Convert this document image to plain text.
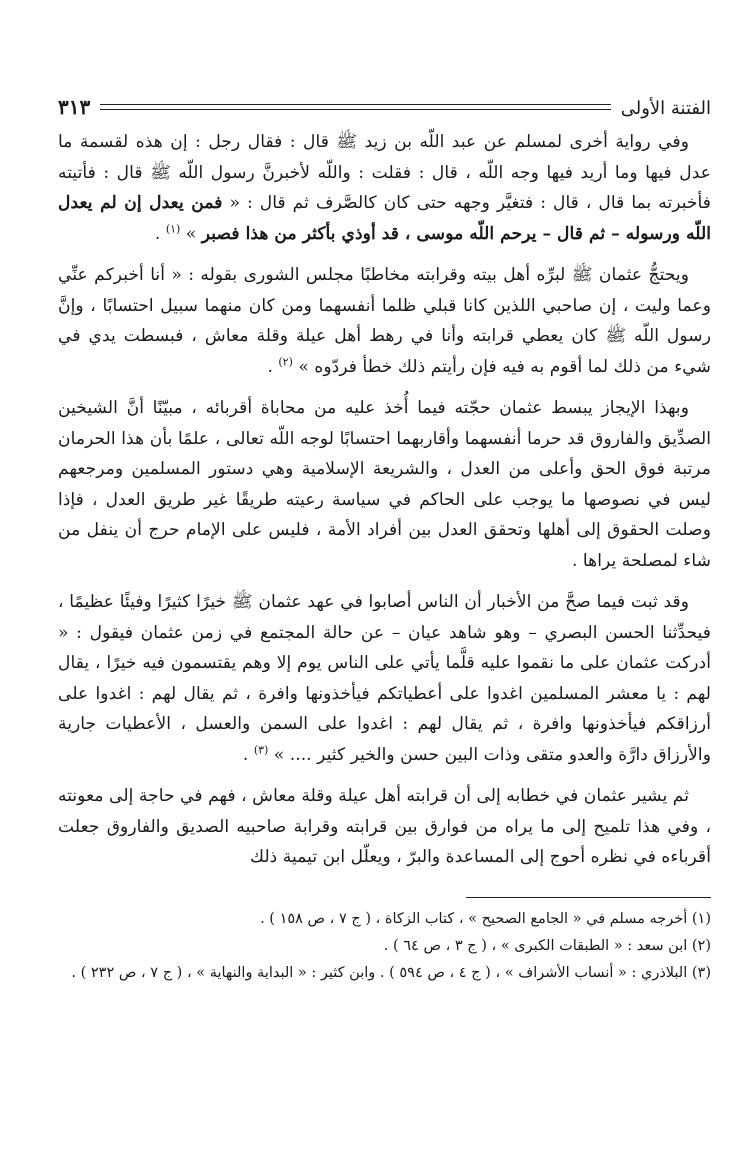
الفتنة الأولى
٣١٣

وفي رواية أخرى لمسلم عن عبد اللّه بن زيد ﷺ قال : فقال رجل : إن هذه لقسمة ما عدل فيها وما أريد فيها وجه اللّه ، قال : فقلت : واللّه لأخبرنَّ رسول اللّه ﷺ قال : فأتيته فأخبرته بما قال ، قال : فتغيَّر وجهه حتى كان كالصَّرف ثم قال : « فمن يعدل إن لم يعدل اللّه ورسوله – ثم قال – يرحم اللّه موسى ، قد أوذي بأكثر من هذا فصبر » $^{(١)}$ .

ويحتجُّ عثمان ﷺ لبرِّه أهل بيته وقرابته مخاطبًا مجلس الشورى بقوله : « أنا أخبركم عنِّي وعما وليت ، إن صاحبي اللذين كانا قبلي ظلما أنفسهما ومن كان منهما سبيل احتسابًا ، وإنَّ رسول اللّه ﷺ كان يعطي قرابته وأنا في رهط أهل عيلة وقلة معاش ، فبسطت يدي في شيء من ذلك لما أقوم به فيه فإن رأيتم ذلك خطأ فردّوه » $^{(٢)}$ .

وبهذا الإيجاز يبسط عثمان حجّته فيما أُخذ عليه من محاباة أقربائه ، مبيّنًا أنَّ الشيخين الصدِّيق والفاروق قد حرما أنفسهما وأقاربهما احتسابًا لوجه اللّه تعالى ، علمًا بأن هذا الحرمان مرتبة فوق الحق وأعلى من العدل ، والشريعة الإسلامية وهي دستور المسلمين ومرجعهم ليس في نصوصها ما يوجب على الحاكم في سياسة رعيته طريقًا غير طريق العدل ، فإذا وصلت الحقوق إلى أهلها وتحقق العدل بين أفراد الأمة ، فليس على الإمام حرج أن ينفل من شاء لمصلحة يراها .

وقد ثبت فيما صحَّ من الأخبار أن الناس أصابوا في عهد عثمان ﷺ خيرًا كثيرًا وفيئًا عظيمًا ، فيحدِّثنا الحسن البصري – وهو شاهد عيان – عن حالة المجتمع في زمن عثمان فيقول : « أدركت عثمان على ما نقموا عليه قلَّما يأتي على الناس يوم إلا وهم يقتسمون فيه خيرًا ، يقال لهم : يا معشر المسلمين اغدوا على أعطياتكم فيأخذونها وافرة ، ثم يقال لهم : اغدوا على أرزاقكم فيأخذونها وافرة ، ثم يقال لهم : اغدوا على السمن والعسل ، الأعطيات جارية والأرزاق دارَّة والعدو متقى وذات البين حسن والخير كثير .... » $^{(٣)}$ .

ثم يشير عثمان في خطابه إلى أن قرابته أهل عيلة وقلة معاش ، فهم في حاجة إلى معونته ، وفي هذا تلميح إلى ما يراه من فوارق بين قرابته وقرابة صاحبيه الصديق والفاروق جعلت أقرباءه في نظره أحوج إلى المساعدة والبرّ ، ويعلّل ابن تيمية ذلك

(١) أخرجه مسلم في « الجامع الصحيح » ، كتاب الزكاة ، ( ج ٧ ، ص ١٥٨ ) .

(٢) ابن سعد : « الطبقات الكبرى » ، ( ج ٣ ، ص ٦٤ ) .

(٣) البلاذري : « أنساب الأشراف » ، ( ج ٤ ، ص ٥٩٤ ) . وابن كثير : « البداية والنهاية » ، ( ج ٧ ، ص ٢٣٢ ) .
